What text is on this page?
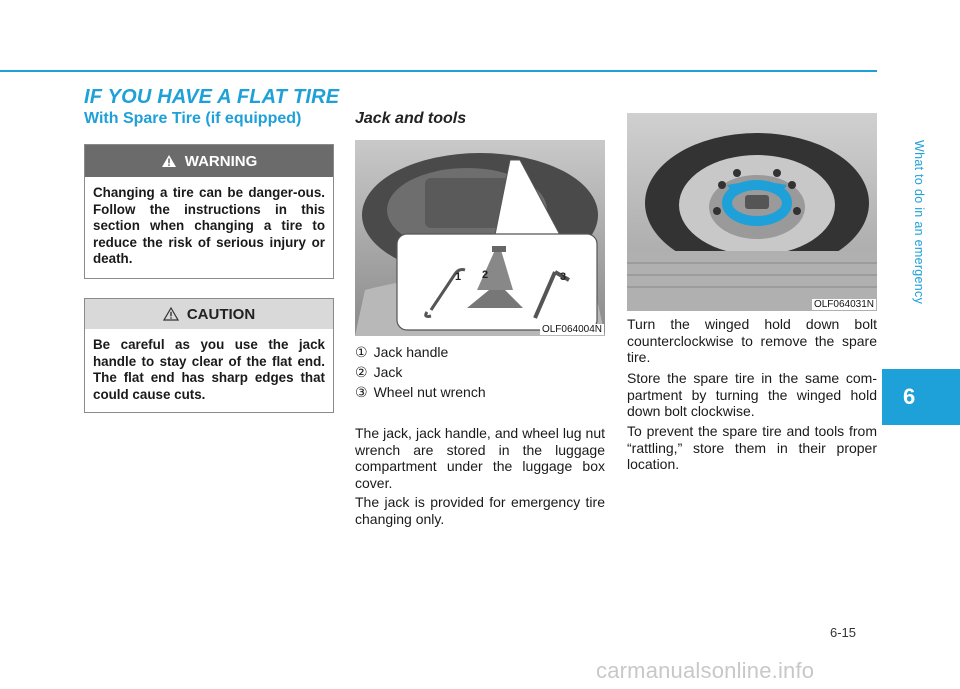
IF YOU HAVE A FLAT TIRE
With Spare Tire (if equipped)	Jack and tools
WARNING
Changing a tire can be danger-ous. Follow the instructions in this section when changing a tire to reduce the risk of serious injury or death.
CAUTION
Be careful as you use the jack handle to stay clear of the flat end. The flat end has sharp edges that could cause cuts.
1 2	3
OLF064004N
① Jack handle
② Jack
③ Wheel nut wrench

The jack, jack handle, and wheel lug nut wrench are stored in the luggage compartment under the luggage box cover.

The jack is provided for emergency tire changing only.

OLF064031N

Turn the winged hold down bolt counterclockwise to remove the spare tire.

Store the spare tire in the same com-partment by turning the winged hold down bolt clockwise.

To prevent the spare tire and tools from “rattling,” store them in their proper location.

What to do in an emergency
6
6-15
carmanualsonline.info
